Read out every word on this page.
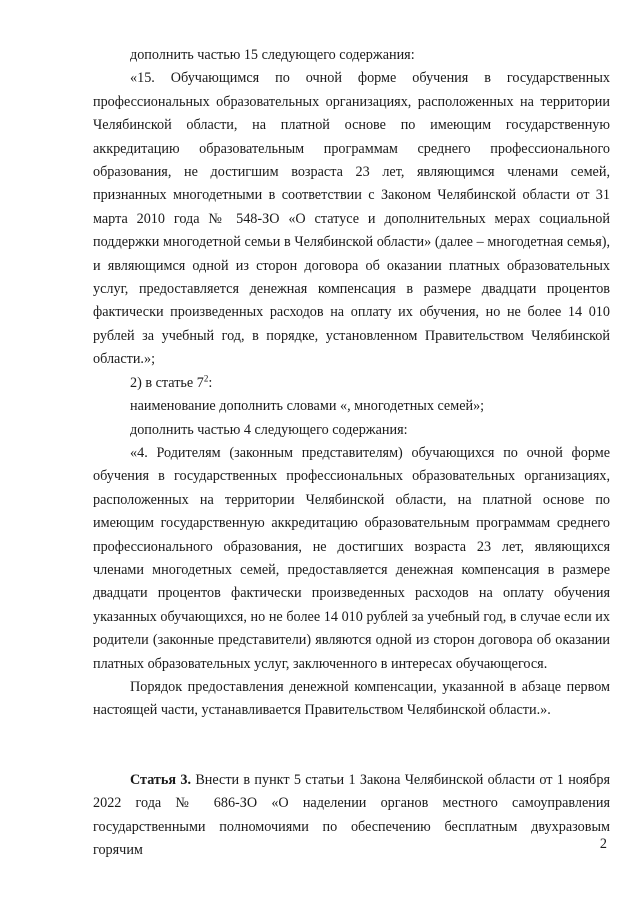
дополнить частью 15 следующего содержания:

«15. Обучающимся по очной форме обучения в государственных профессиональных образовательных организациях, расположенных на территории Челябинской области, на платной основе по имеющим государственную аккредитацию образовательным программам среднего профессионального образования, не достигшим возраста 23 лет, являющимся членами семей, признанных многодетными в соответствии с Законом Челябинской области от 31 марта 2010 года № 548-ЗО «О статусе и дополнительных мерах социальной поддержки многодетной семьи в Челябинской области» (далее – многодетная семья), и являющимся одной из сторон договора об оказании платных образовательных услуг, предоставляется денежная компенсация в размере двадцати процентов фактически произведенных расходов на оплату их обучения, но не более 14 010 рублей за учебный год, в порядке, установленном Правительством Челябинской области.»;

2) в статье $7^2$:

наименование дополнить словами «, многодетных семей»;

дополнить частью 4 следующего содержания:

«4. Родителям (законным представителям) обучающихся по очной форме обучения в государственных профессиональных образовательных организациях, расположенных на территории Челябинской области, на платной основе по имеющим государственную аккредитацию образовательным программам среднего профессионального образования, не достигших возраста 23 лет, являющихся членами многодетных семей, предоставляется денежная компенсация в размере двадцати процентов фактически произведенных расходов на оплату обучения указанных обучающихся, но не более 14 010 рублей за учебный год, в случае если их родители (законные представители) являются одной из сторон договора об оказании платных образовательных услуг, заключенного в интересах обучающегося.

Порядок предоставления денежной компенсации, указанной в абзаце первом настоящей части, устанавливается Правительством Челябинской области.».

Статья 3. Внести в пункт 5 статьи 1 Закона Челябинской области от 1 ноября 2022 года № 686-ЗО «О наделении органов местного самоуправления государственными полномочиями по обеспечению бесплатным двухразовым горячим	2
